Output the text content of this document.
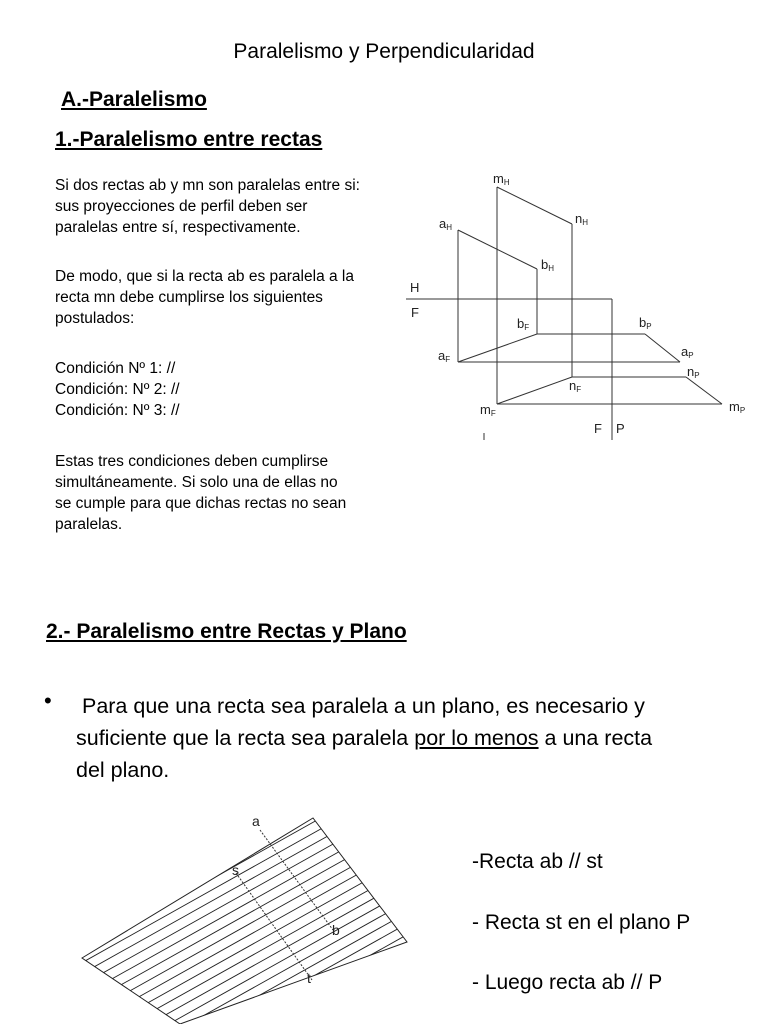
Paralelismo y Perpendicularidad
A.-Paralelismo
1.-Paralelismo entre rectas

Si dos rectas ab y mn son paralelas entre si:

sus proyecciones de perfil deben ser

paralelas entre sí, respectivamente.

De modo, que si la recta ab es paralela a la

recta mn debe cumplirse los siguientes

postulados:

Condición Nº 1: //

Condición: Nº 2: //

Condición: Nº 3: //

Estas tres condiciones deben cumplirse

simultáneamente. Si solo una de ellas no

se cumple para que dichas rectas no sean

paralelas.

mH
nH
aH
bH
H
F
bF	bP
aF
aP
nP
nF
mF	mP
F P
2.- Paralelismo entre Rectas y Plano
• Para que una recta sea paralela a un plano, es necesario y
suficiente que la recta sea paralela por lo menos a una recta
del plano.
a
s
b
t
-Recta ab // st
- Recta st en el plano P
- Luego recta ab // P
